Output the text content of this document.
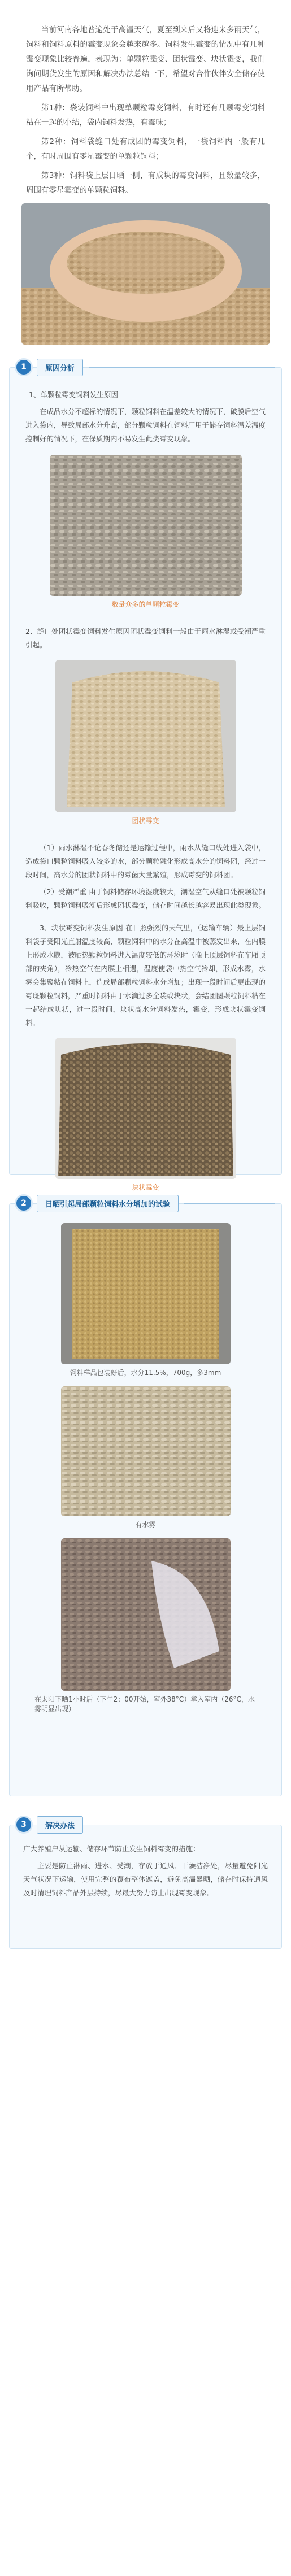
当前河南各地普遍处于高温天气，夏至到来后又将迎来多雨天气，饲料和饲料原料的霉变现象会越来越多。饲料发生霉变的情况中有几种霉变现象比较普遍，表现为：单颗粒霉变、团状霉变、块状霉变，我们询问期货发生的原因和解决办法总结一下，希望对合作伙伴安全储存使用产品有所帮助。

第1种：袋装饲料中出现单颗粒霉变饲料，有时还有几颗霉变饲料粘在一起的小结，袋内饲料发热，有霉味；

第2种：饲料袋缝口处有成团的霉变饲料，一袋饲料内一般有几个，有时周围有零星霉变的单颗粒饲料；

第3种：饲料袋上层日晒一侧，有成块的霉变饲料，且数量较多，周围有零星霉变的单颗粒饲料。

1	原因分析
1、单颗粒霉变饲料发生原因
在成品水分不超标的情况下，颗粒饲料在温差较大的情况下，破膜后空气进入袋内，导致局部水分升高，部分颗粒饲料在饲料厂用于储存饲料温差温度控制好的情况下，在保质期内不易发生此类霉变现象。
数量众多的单颗粒霉变
2、缝口处团状霉变饲料发生原因团状霉变饲料一般由于雨水淋湿或受潮严重引起。
团状霉变
（1）雨水淋湿不论春冬储还是运输过程中，雨水从缝口线处进入袋中，造成袋口颗粒饲料吸入较多的水，部分颗粒融化形成高水分的饲料团，经过一段时间，高水分的团状饲料中的霉菌大量繁殖，形成霉变的饲料团。
（2）受潮严重 由于饲料储存环境湿度较大，潮湿空气从缝口处被颗粒饲料吸收，颗粒饲料吸潮后形成团状霉变，储存时间越长越容易出现此类现象。
3、块状霉变饲料发生原因 在日照强烈的天气里，（运输车辆）最上层饲料袋子受阳光直射温度较高，颗粒饲料中的水分在高温中被蒸发出来，在内膜上形成水膜，被晒热颗粒饲料进入温度较低的环境时（晚上顶层饲料在车厢顶部的夹角），冷热空气在内膜上相遇，温度使袋中热空气冷却，形成水雾，水雾会集聚粘在饲料上，造成局部颗粒饲料水分增加；出现一段时间后更出现的霉斑颗粒饲料，严重时饲料由于水滴过多全袋或块状，会结团图颗粒饲料粘在一起结成块状，过一段时间，块状高水分饲料发热，霉变，形成块状霉变饲料。
块状霉变
2	日晒引起局部颗粒饲料水分增加的试验
饲料样品包装好后，水分11.5%，700g，多3mm
有水雾
在太阳下晒1小时后（下午2：00开始，室外38°C）拿入室内（26°C，水雾明显出现）
3	解决办法
广大养殖户从运输、储存环节防止发生饲料霉变的措施：
主要是防止淋雨、进水、受潮，存放于通风、干燥洁净处，尽量避免阳光天气状况下运输，使用完整的覆布整体遮盖，避免高温暴晒，储存时保持通风及时清理饲料产品外层持续，尽最大努力防止出现霉变现象。
